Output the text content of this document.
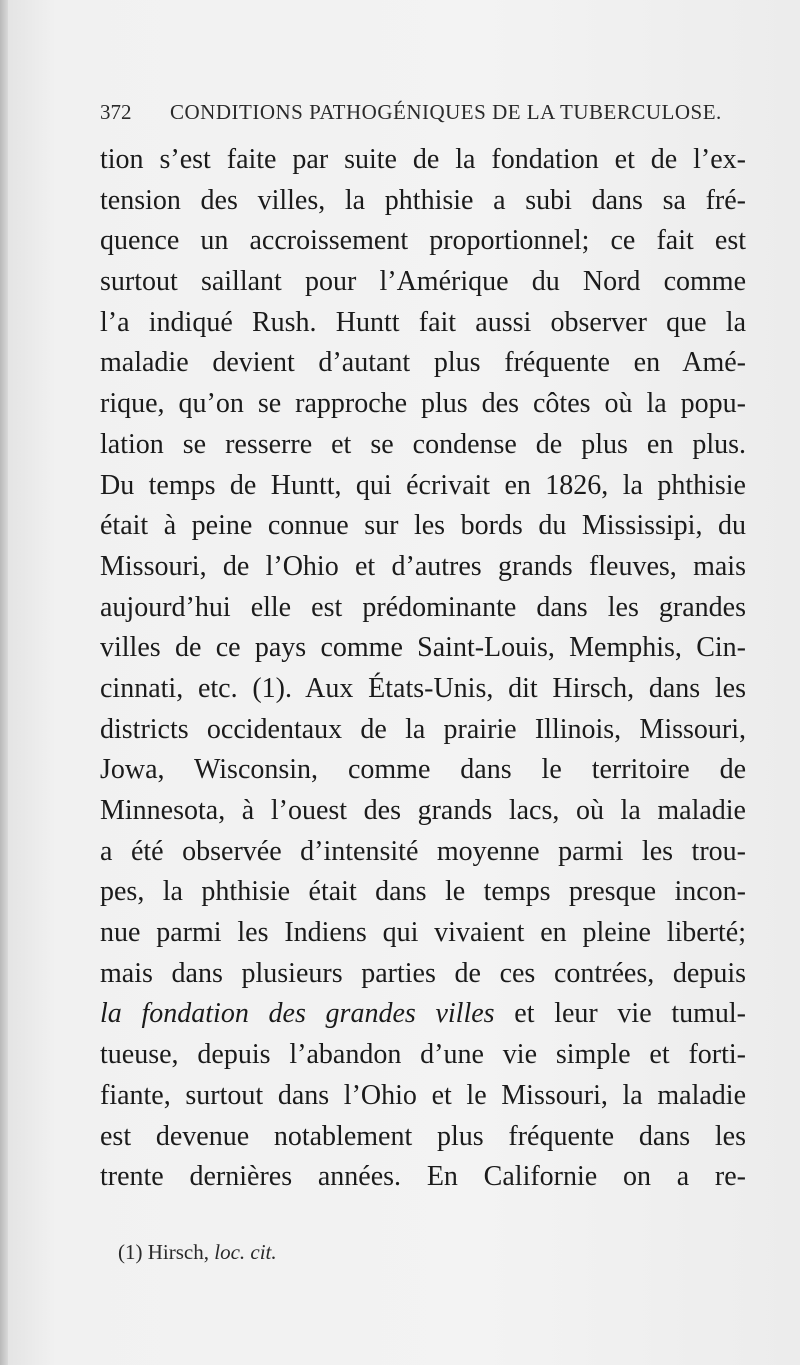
372 CONDITIONS PATHOGÉNIQUES DE LA TUBERCULOSE.
tion s’est faite par suite de la fondation et de l’ex-
tension des villes, la phthisie a subi dans sa fré-
quence un accroissement proportionnel; ce fait est
surtout saillant pour l’Amérique du Nord comme
l’a indiqué Rush. Huntt fait aussi observer que la
maladie devient d’autant plus fréquente en Amé-
rique, qu’on se rapproche plus des côtes où la popu-
lation se resserre et se condense de plus en plus.
Du temps de Huntt, qui écrivait en 1826, la phthisie
était à peine connue sur les bords du Mississipi, du
Missouri, de l’Ohio et d’autres grands fleuves, mais
aujourd’hui elle est prédominante dans les grandes
villes de ce pays comme Saint-Louis, Memphis, Cin-
cinnati, etc. (1). Aux États-Unis, dit Hirsch, dans les
districts occidentaux de la prairie Illinois, Missouri,
Jowa, Wisconsin, comme dans le territoire de
Minnesota, à l’ouest des grands lacs, où la maladie
a été observée d’intensité moyenne parmi les trou-
pes, la phthisie était dans le temps presque incon-
nue parmi les Indiens qui vivaient en pleine liberté;
mais dans plusieurs parties de ces contrées, depuis
la fondation des grandes villes et leur vie tumul-
tueuse, depuis l’abandon d’une vie simple et forti-
fiante, surtout dans l’Ohio et le Missouri, la maladie
est devenue notablement plus fréquente dans les
trente dernières années. En Californie on a re-
(1) Hirsch, loc. cit.
